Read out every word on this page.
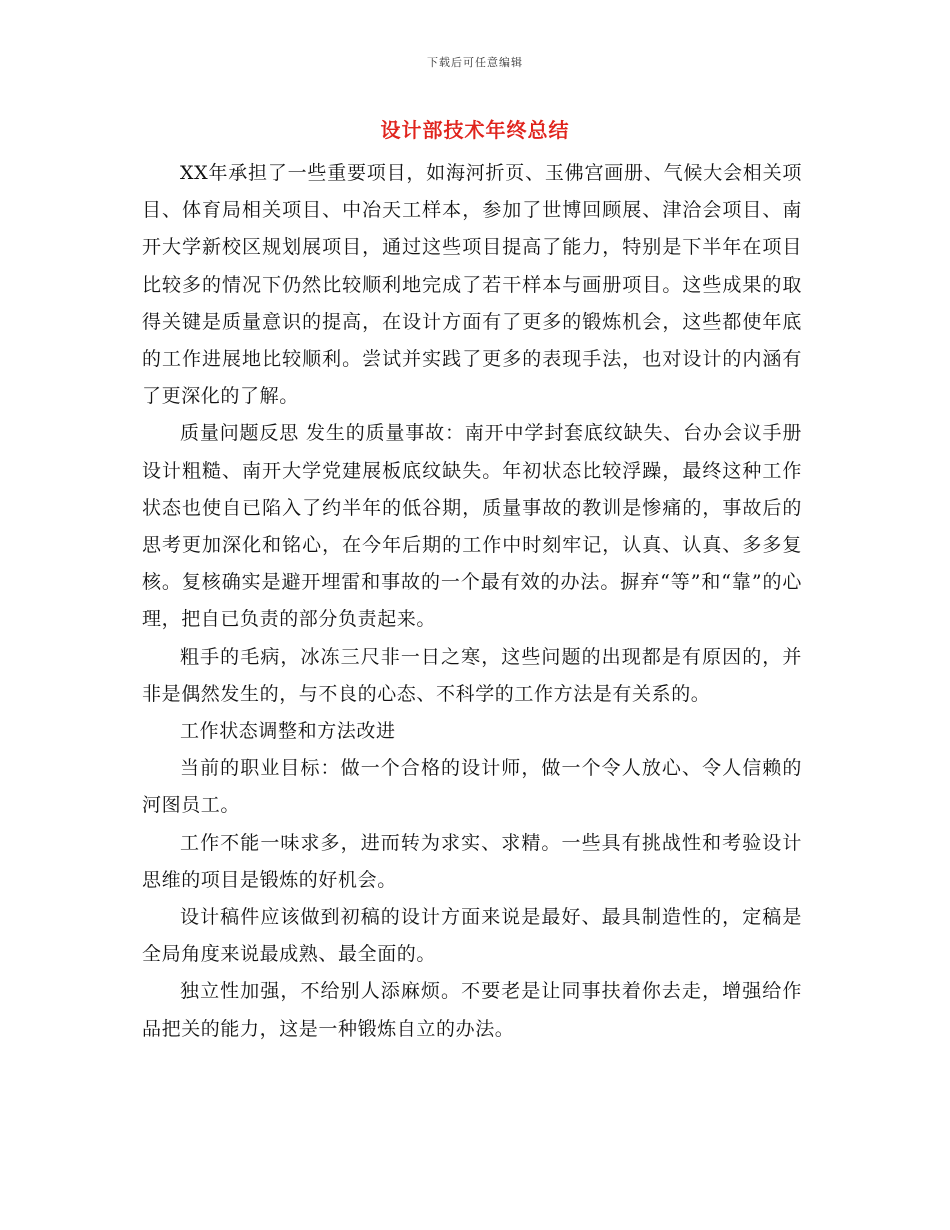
下载后可任意编辑
设计部技术年终总结

XX年承担了一些重要项目，如海河折页、玉佛宫画册、气候大会相关项目、体育局相关项目、中冶天工样本，参加了世博回顾展、津洽会项目、南开大学新校区规划展项目，通过这些项目提高了能力，特别是下半年在项目比较多的情况下仍然比较顺利地完成了若干样本与画册项目。这些成果的取得关键是质量意识的提高，在设计方面有了更多的锻炼机会，这些都使年底的工作进展地比较顺利。尝试并实践了更多的表现手法，也对设计的内涵有了更深化的了解。

质量问题反思 发生的质量事故：南开中学封套底纹缺失、台办会议手册设计粗糙、南开大学党建展板底纹缺失。年初状态比较浮躁，最终这种工作状态也使自已陷入了约半年的低谷期，质量事故的教训是惨痛的，事故后的思考更加深化和铭心，在今年后期的工作中时刻牢记，认真、认真、多多复核。复核确实是避开埋雷和事故的一个最有效的办法。摒弃“等”和“靠”的心理，把自已负责的部分负责起来。

粗手的毛病，冰冻三尺非一日之寒，这些问题的出现都是有原因的，并非是偶然发生的，与不良的心态、不科学的工作方法是有关系的。

工作状态调整和方法改进

当前的职业目标：做一个合格的设计师，做一个令人放心、令人信赖的河图员工。

工作不能一味求多，进而转为求实、求精。一些具有挑战性和考验设计思维的项目是锻炼的好机会。

设计稿件应该做到初稿的设计方面来说是最好、最具制造性的，定稿是全局角度来说最成熟、最全面的。

独立性加强，不给别人添麻烦。不要老是让同事扶着你去走，增强给作品把关的能力，这是一种锻炼自立的办法。
